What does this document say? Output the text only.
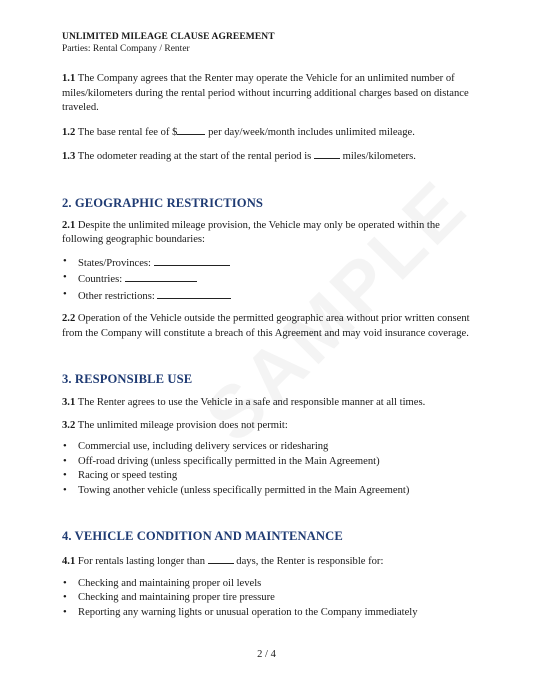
UNLIMITED MILEAGE CLAUSE AGREEMENT
Parties: Rental Company / Renter

1.1 The Company agrees that the Renter may operate the Vehicle for an unlimited number of miles/kilometers during the rental period without incurring additional charges based on distance traveled.

1.2 The base rental fee of $	per day/week/month includes unlimited mileage.

1.3 The odometer reading at the start of the rental period is  miles/kilometers.

2. GEOGRAPHIC RESTRICTIONS

2.1 Despite the unlimited mileage provision, the Vehicle may only be operated within the following geographic boundaries:

• States/Provinces:
• Countries:
• Other restrictions:

2.2 Operation of the Vehicle outside the permitted geographic area without prior written consent from the Company will constitute a breach of this Agreement and may void insurance coverage.

3. RESPONSIBLE USE

3.1 The Renter agrees to use the Vehicle in a safe and responsible manner at all times.

3.2 The unlimited mileage provision does not permit:

• Commercial use, including delivery services or ridesharing
• Off-road driving (unless specifically permitted in the Main Agreement)
• Racing or speed testing
• Towing another vehicle (unless specifically permitted in the Main Agreement)
4. VEHICLE CONDITION AND MAINTENANCE

4.1 For rentals lasting longer than  days, the Renter is responsible for:

• Checking and maintaining proper oil levels
• Checking and maintaining proper tire pressure
• Reporting any warning lights or unusual operation to the Company immediately
2 / 4
